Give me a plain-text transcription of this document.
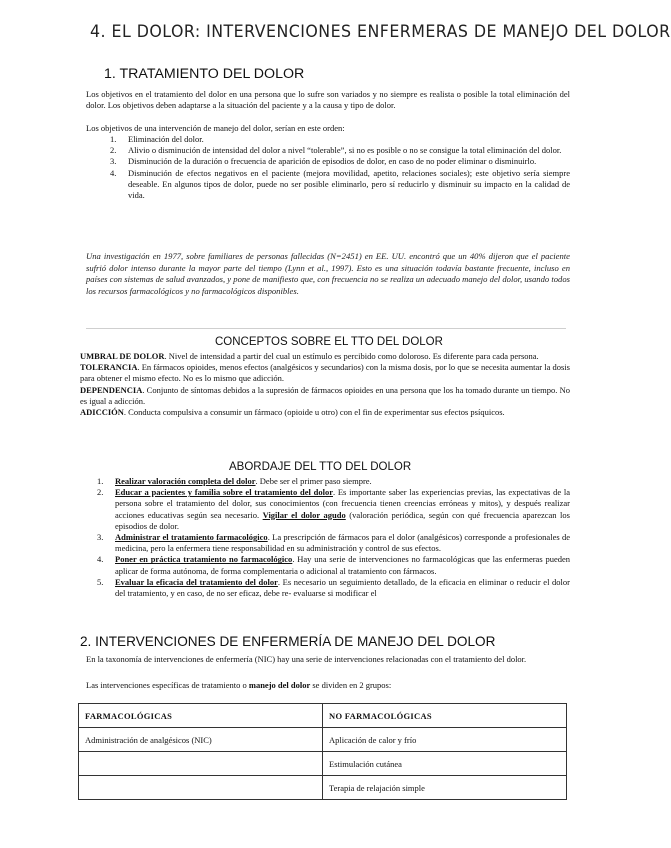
4. EL DOLOR: INTERVENCIONES ENFERMERAS DE MANEJO DEL DOLOR
1. TRATAMIENTO DEL DOLOR

Los objetivos en el tratamiento del dolor en una persona que lo sufre son variados y no siempre es realista o posible la total eliminación del dolor. Los objetivos deben adaptarse a la situación del paciente y a la causa y tipo de dolor.

Los objetivos de una intervención de manejo del dolor, serían en este orden:

1. Eliminación del dolor.
2. Alivio o disminución de intensidad del dolor a nivel “tolerable”, si no es posible o no se consigue la total eliminación del dolor.
3. Disminución de la duración o frecuencia de aparición de episodios de dolor, en caso de no poder eliminar o disminuirlo.
4. Disminución de efectos negativos en el paciente (mejora movilidad, apetito, relaciones sociales); este objetivo sería siempre deseable. En algunos tipos de dolor, puede no ser posible eliminarlo, pero sí reducirlo y disminuir su impacto en la calidad de vida.

Una investigación en 1977, sobre familiares de personas fallecidas (N=2451) en EE. UU. encontró que un 40% dijeron que el paciente sufrió dolor intenso durante la mayor parte del tiempo (Lynn et al., 1997). Esto es una situación todavía bastante frecuente, incluso en países con sistemas de salud avanzados, y pone de manifiesto que, con frecuencia no se realiza un adecuado manejo del dolor, usando todos los recursos farmacológicos y no farmacológicos disponibles.

CONCEPTOS SOBRE EL TTO DEL DOLOR
UMBRAL DE DOLOR. Nivel de intensidad a partir del cual un estímulo es percibido como doloroso. Es diferente para cada persona.
TOLERANCIA. En fármacos opioides, menos efectos (analgésicos y secundarios) con la misma dosis, por lo que se necesita aumentar la dosis para obtener el mismo efecto. No es lo mismo que adicción.
DEPENDENCIA. Conjunto de síntomas debidos a la supresión de fármacos opioides en una persona que los ha tomado durante un tiempo. No es igual a adicción.
ADICCIÓN. Conducta compulsiva a consumir un fármaco (opioide u otro) con el fin de experimentar sus efectos psíquicos.
ABORDAJE DEL TTO DEL DOLOR
1. Realizar valoración completa del dolor. Debe ser el primer paso siempre.
2. Educar a pacientes y familia sobre el tratamiento del dolor. Es importante saber las experiencias previas, las expectativas de la persona sobre el tratamiento del dolor, sus conocimientos (con frecuencia tienen creencias erróneas y mitos), y después realizar acciones educativas según sea necesario. Vigilar el dolor agudo (valoración periódica, según con qué frecuencia aparezcan los episodios de dolor.
3. Administrar el tratamiento farmacológico. La prescripción de fármacos para el dolor (analgésicos) corresponde a profesionales de medicina, pero la enfermera tiene responsabilidad en su administración y control de sus efectos.
4. Poner en práctica tratamiento no farmacológico. Hay una serie de intervenciones no farmacológicas que las enfermeras pueden aplicar de forma autónoma, de forma complementaria o adicional al tratamiento con fármacos.
5. Evaluar la eficacia del tratamiento del dolor. Es necesario un seguimiento detallado, de la eficacia en eliminar o reducir el dolor del tratamiento, y en caso, de no ser eficaz, debe re- evaluarse si modificar el
2. INTERVENCIONES DE ENFERMERÍA DE MANEJO DEL DOLOR

En la taxonomía de intervenciones de enfermería (NIC) hay una serie de intervenciones relacionadas con el tratamiento del dolor.

Las intervenciones específicas de tratamiento o manejo del dolor se dividen en 2 grupos:

FARMACOLÓGICAS	NO FARMACOLÓGICAS
Administración de analgésicos (NIC)	Aplicación de calor y frío
	Estimulación cutánea
	Terapia de relajación simple
